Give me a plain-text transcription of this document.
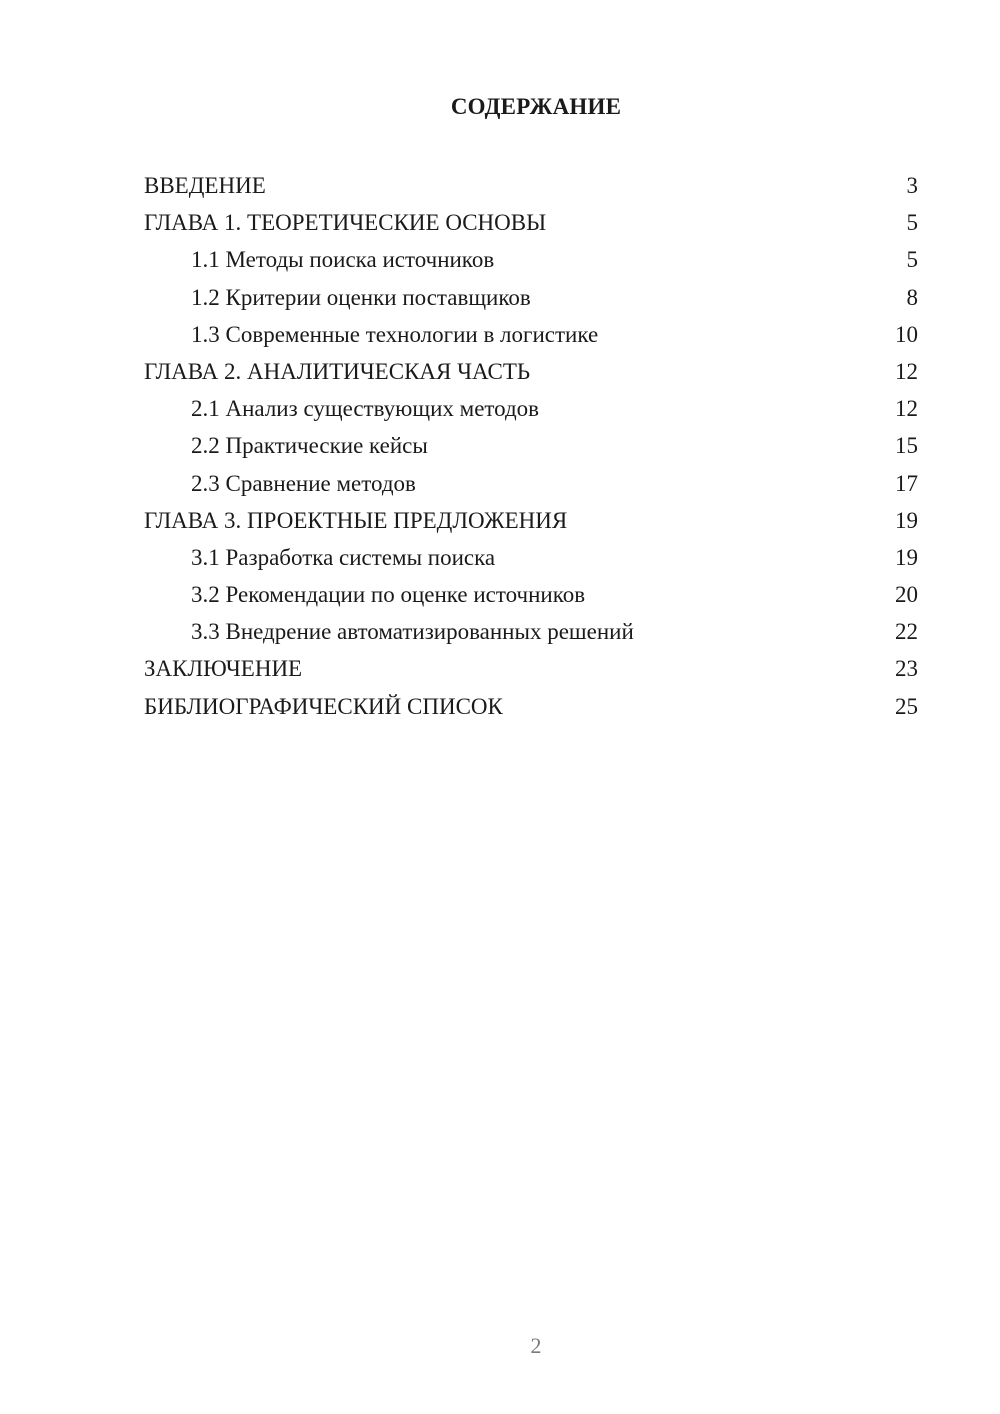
СОДЕРЖАНИЕ
ВВЕДЕНИЕ	3
ГЛАВА 1. ТЕОРЕТИЧЕСКИЕ ОСНОВЫ	5
1.1 Методы поиска источников	5
1.2 Критерии оценки поставщиков	8
1.3 Современные технологии в логистике	10
ГЛАВА 2. АНАЛИТИЧЕСКАЯ ЧАСТЬ	12
2.1 Анализ существующих методов	12
2.2 Практические кейсы	15
2.3 Сравнение методов	17
ГЛАВА 3. ПРОЕКТНЫЕ ПРЕДЛОЖЕНИЯ	19
3.1 Разработка системы поиска	19
3.2 Рекомендации по оценке источников	20
3.3 Внедрение автоматизированных решений	22
ЗАКЛЮЧЕНИЕ	23
БИБЛИОГРАФИЧЕСКИЙ СПИСОК	25
2
